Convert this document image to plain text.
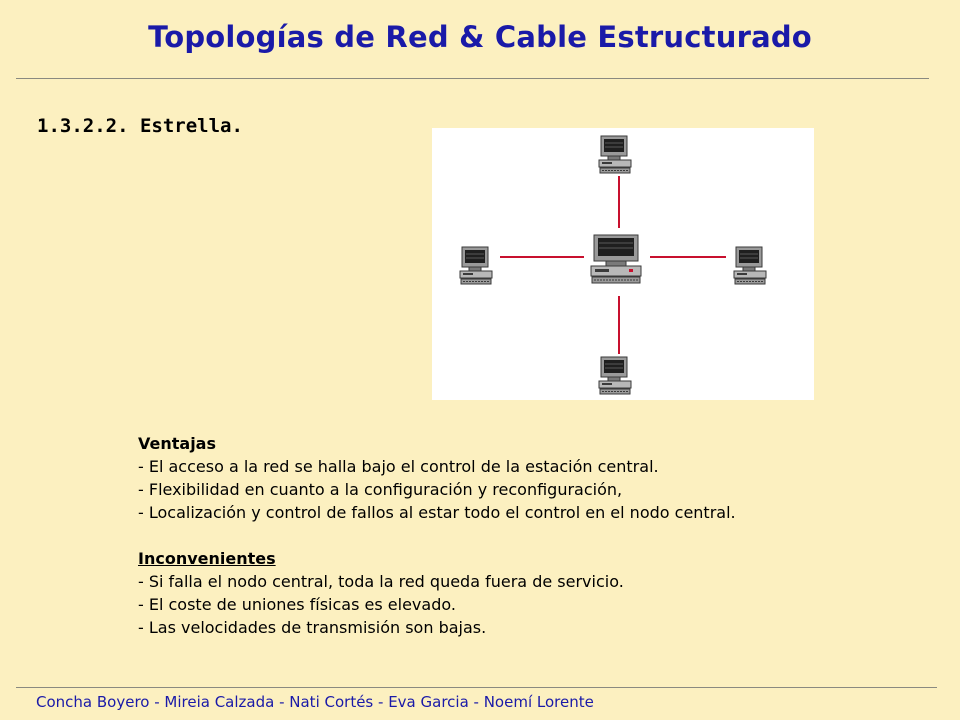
Topologías de Red & Cable Estructurado
1.3.2.2. Estrella.
Ventajas
- El acceso a la red se halla bajo el control de la estación central.
- Flexibilidad en cuanto a la configuración y reconfiguración,
- Localización y control de fallos al estar todo el control en el nodo central.
Inconvenientes
- Si falla el nodo central, toda la red queda fuera de servicio.
- El coste de uniones físicas es elevado.
- Las velocidades de transmisión son bajas.
Concha Boyero - Mireia Calzada - Nati Cortés - Eva Garcia - Noemí Lorente
